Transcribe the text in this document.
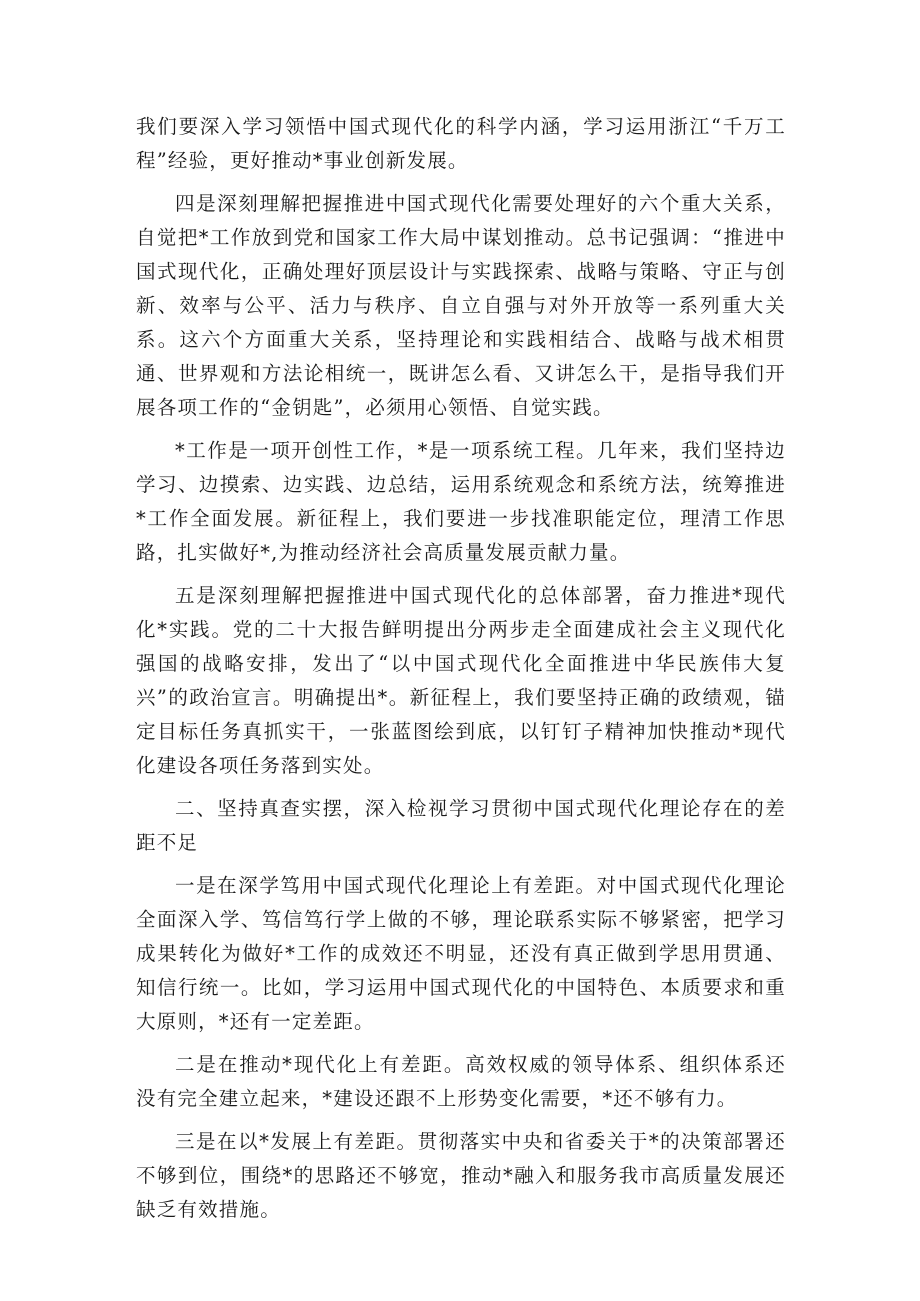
我们要深入学习领悟中国式现代化的科学内涵，学习运用浙江“千万工程”经验，更好推动*事业创新发展。

四是深刻理解把握推进中国式现代化需要处理好的六个重大关系，自觉把*工作放到党和国家工作大局中谋划推动。总书记强调：“推进中国式现代化，正确处理好顶层设计与实践探索、战略与策略、守正与创新、效率与公平、活力与秩序、自立自强与对外开放等一系列重大关系。这六个方面重大关系，坚持理论和实践相结合、战略与战术相贯通、世界观和方法论相统一，既讲怎么看、又讲怎么干，是指导我们开展各项工作的“金钥匙”，必须用心领悟、自觉实践。

*工作是一项开创性工作，*是一项系统工程。几年来，我们坚持边学习、边摸索、边实践、边总结，运用系统观念和系统方法，统筹推进*工作全面发展。新征程上，我们要进一步找准职能定位，理清工作思路，扎实做好*,为推动经济社会高质量发展贡献力量。

五是深刻理解把握推进中国式现代化的总体部署，奋力推进*现代化*实践。党的二十大报告鲜明提出分两步走全面建成社会主义现代化强国的战略安排，发出了“以中国式现代化全面推进中华民族伟大复兴”的政治宣言。明确提出*。新征程上，我们要坚持正确的政绩观，锚定目标任务真抓实干，一张蓝图绘到底，以钉钉子精神加快推动*现代化建设各项任务落到实处。

二、坚持真查实摆，深入检视学习贯彻中国式现代化理论存在的差距不足

一是在深学笃用中国式现代化理论上有差距。对中国式现代化理论全面深入学、笃信笃行学上做的不够，理论联系实际不够紧密，把学习成果转化为做好*工作的成效还不明显，还没有真正做到学思用贯通、知信行统一。比如，学习运用中国式现代化的中国特色、本质要求和重大原则，*还有一定差距。

二是在推动*现代化上有差距。高效权威的领导体系、组织体系还没有完全建立起来，*建设还跟不上形势变化需要，*还不够有力。

三是在以*发展上有差距。贯彻落实中央和省委关于*的决策部署还不够到位，围绕*的思路还不够宽，推动*融入和服务我市高质量发展还缺乏有效措施。
